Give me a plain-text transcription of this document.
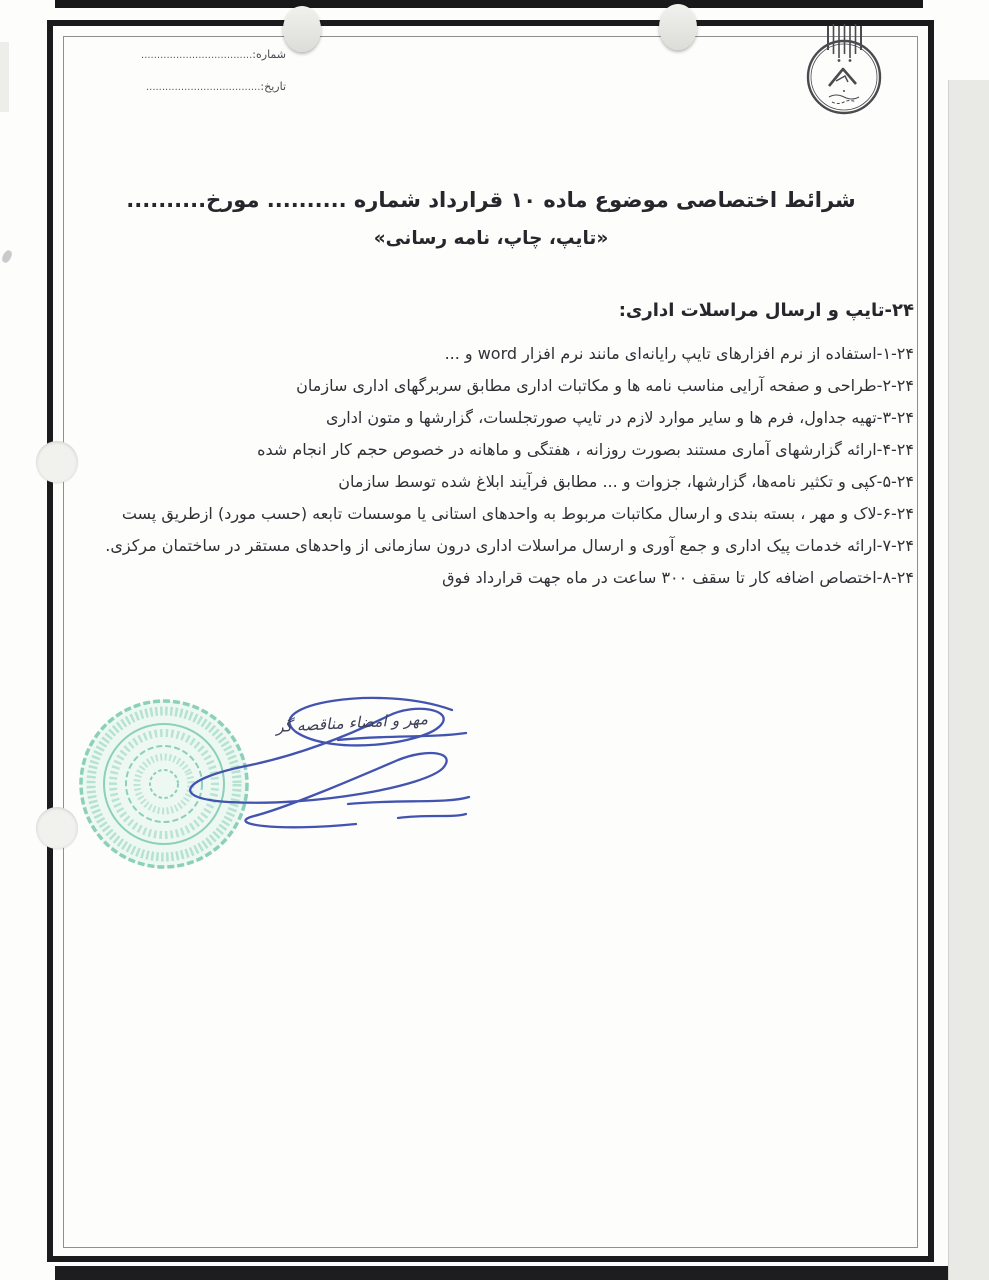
شماره:...................................
تاریخ:....................................
شرائط اختصاصی موضوع ماده ۱۰ قرارداد شماره .......... مورخ..........
«تایپ، چاپ، نامه رسانی»
۲۴-تایپ و ارسال مراسلات اداری:
۱-۲۴-استفاده از نرم افزارهای تایپ رایانه‌ای مانند نرم افزار word و ...
۲-۲۴-طراحی و صفحه آرایی مناسب نامه ها و مکاتبات اداری مطابق سربرگهای اداری سازمان
۳-۲۴-تهیه جداول، فرم ها و سایر موارد لازم در تایپ صورتجلسات، گزارشها و متون اداری
۴-۲۴-ارائه گزارشهای آماری مستند بصورت روزانه ، هفتگی و ماهانه در خصوص حجم کار انجام شده
۵-۲۴-کپی و تکثیر نامه‌ها، گزارشها، جزوات و ... مطابق فرآیند ابلاغ شده توسط سازمان
۶-۲۴-لاک و مهر ، بسته بندی و ارسال مکاتبات مربوط به واحدهای استانی یا موسسات تابعه (حسب مورد) ازطریق پست
۷-۲۴-ارائه خدمات پیک اداری و جمع آوری و ارسال مراسلات اداری درون سازمانی از واحدهای مستقر در ساختمان مرکزی.
۸-۲۴-اختصاص اضافه کار تا سقف ۳۰۰ ساعت در ماه جهت قرارداد فوق
مهر و امضاء مناقصه گر
